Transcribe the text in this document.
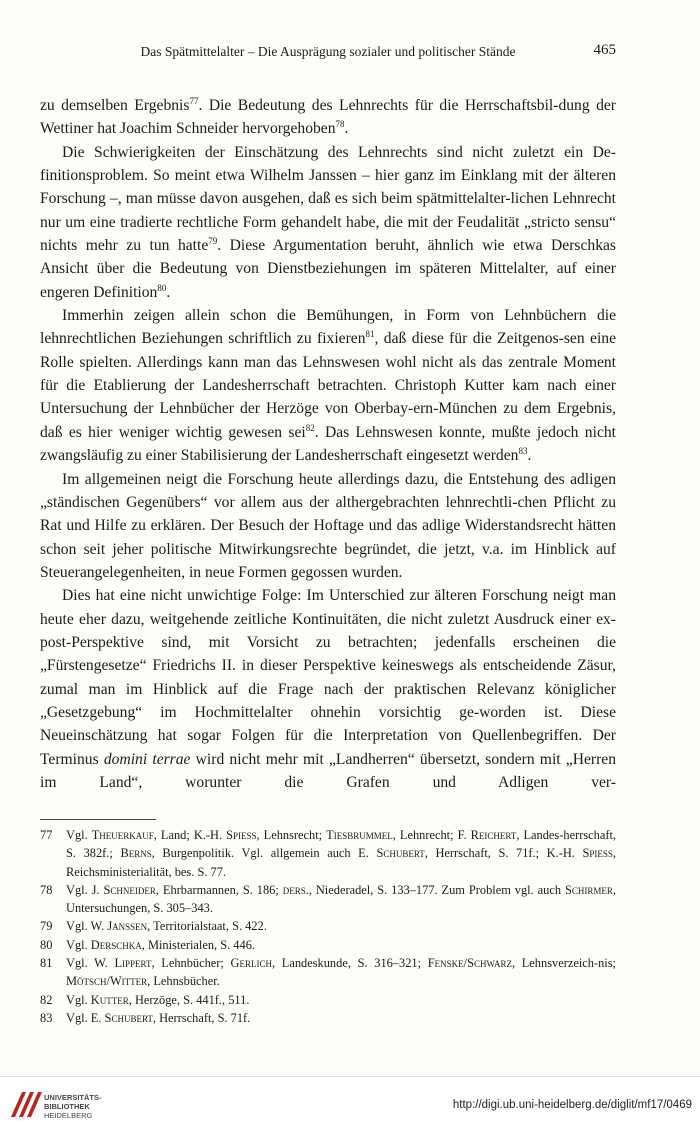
Das Spätmittelalter – Die Ausprägung sozialer und politischer Stände	465

zu demselben Ergebnis$^{77}$. Die Bedeutung des Lehnrechts für die Herrschaftsbil-dung der Wettiner hat Joachim Schneider hervorgehoben$^{78}$.

Die Schwierigkeiten der Einschätzung des Lehnrechts sind nicht zuletzt ein De-finitionsproblem. So meint etwa Wilhelm Janssen – hier ganz im Einklang mit der älteren Forschung –, man müsse davon ausgehen, daß es sich beim spätmittelalter-lichen Lehnrecht nur um eine tradierte rechtliche Form gehandelt habe, die mit der Feudalität „stricto sensu“ nichts mehr zu tun hatte$^{79}$. Diese Argumentation beruht, ähnlich wie etwa Derschkas Ansicht über die Bedeutung von Dienstbeziehungen im späteren Mittelalter, auf einer engeren Definition$^{80}$.

Immerhin zeigen allein schon die Bemühungen, in Form von Lehnbüchern die lehnrechtlichen Beziehungen schriftlich zu fixieren$^{81}$, daß diese für die Zeitgenos-sen eine Rolle spielten. Allerdings kann man das Lehnswesen wohl nicht als das zentrale Moment für die Etablierung der Landesherrschaft betrachten. Christoph Kutter kam nach einer Untersuchung der Lehnbücher der Herzöge von Oberbay-ern-München zu dem Ergebnis, daß es hier weniger wichtig gewesen sei$^{82}$. Das Lehnswesen konnte, mußte jedoch nicht zwangsläufig zu einer Stabilisierung der Landesherrschaft eingesetzt werden$^{83}$.

Im allgemeinen neigt die Forschung heute allerdings dazu, die Entstehung des adligen „ständischen Gegenübers“ vor allem aus der althergebrachten lehnrechtli-chen Pflicht zu Rat und Hilfe zu erklären. Der Besuch der Hoftage und das adlige Widerstandsrecht hätten schon seit jeher politische Mitwirkungsrechte begründet, die jetzt, v.a. im Hinblick auf Steuerangelegenheiten, in neue Formen gegossen wurden.

Dies hat eine nicht unwichtige Folge: Im Unterschied zur älteren Forschung neigt man heute eher dazu, weitgehende zeitliche Kontinuitäten, die nicht zuletzt Ausdruck einer ex-post-Perspektive sind, mit Vorsicht zu betrachten; jedenfalls erscheinen die „Fürstengesetze“ Friedrichs II. in dieser Perspektive keineswegs als entscheidende Zäsur, zumal man im Hinblick auf die Frage nach der praktischen Relevanz königlicher „Gesetzgebung“ im Hochmittelalter ohnehin vorsichtig ge-worden ist. Diese Neueinschätzung hat sogar Folgen für die Interpretation von Quellenbegriffen. Der Terminus domini terrae wird nicht mehr mit „Landherren“ übersetzt, sondern mit „Herren im Land“, worunter die Grafen und Adligen ver-

77 Vgl. Theuerkauf, Land; K.-H. Spiess, Lehnsrecht; Tiesbrummel, Lehnrecht; F. Reichert, Landes-herrschaft, S. 382f.; Berns, Burgenpolitik. Vgl. allgemein auch E. Schubert, Herrschaft, S. 71f.; K.-H. Spiess, Reichsministerialität, bes. S. 77.
78 Vgl. J. Schneider, Ehrbarmannen, S. 186; ders., Niederadel, S. 133–177. Zum Problem vgl. auch Schirmer, Untersuchungen, S. 305–343.
79 Vgl. W. Janssen, Territorialstaat, S. 422.
80 Vgl. Derschka, Ministerialen, S. 446.
81 Vgl. W. Lippert, Lehnbücher; Gerlich, Landeskunde, S. 316–321; Fenske/Schwarz, Lehnsverzeich-nis; Mötsch/Witter, Lehnsbücher.
82 Vgl. Kutter, Herzöge, S. 441f., 511.
83 Vgl. E. Schubert, Herrschaft, S. 71f.
UNIVERSITÄTS-
BIBLIOTHEK
HEIDELBERG
http://digi.ub.uni-heidelberg.de/diglit/mf17/0469
